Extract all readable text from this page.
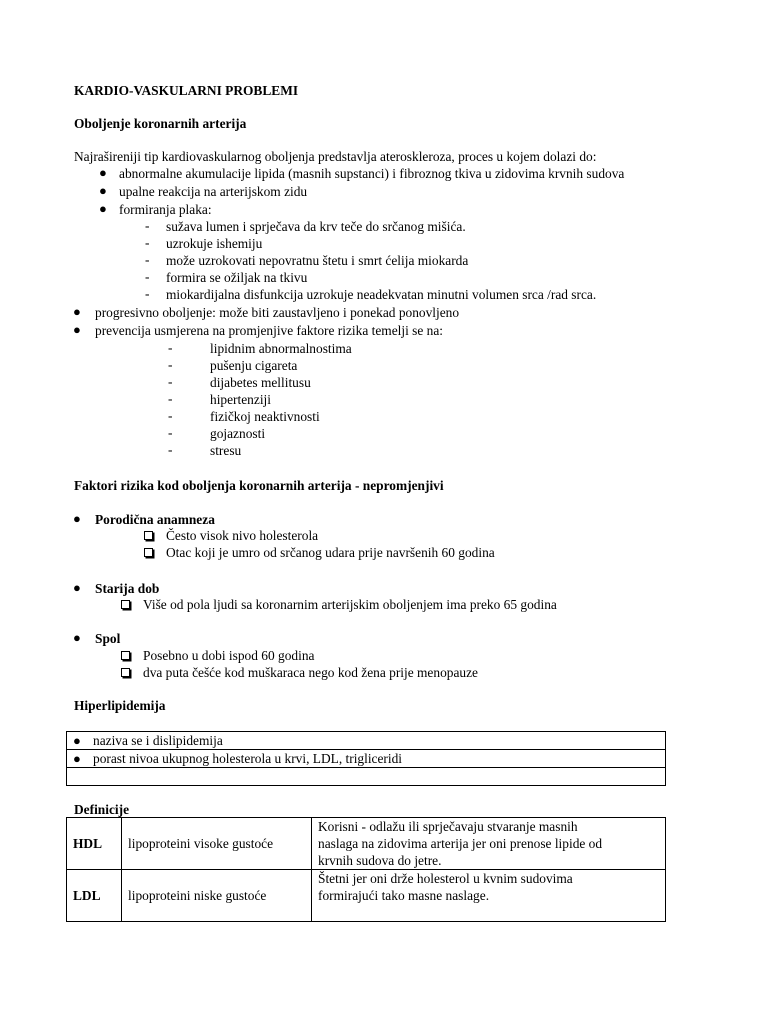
KARDIO-VASKULARNI PROBLEMI
Oboljenje koronarnih arterija
Najrašireniji tip kardiovaskularnog oboljenja predstavlja ateroskleroza, proces u kojem dolazi do:
● abnormalne akumulacije lipida (masnih supstanci) i fibroznog tkiva u zidovima krvnih sudova
● upalne reakcija na arterijskom zidu
● formiranja plaka:
- sužava lumen i sprječava da krv teče do srčanog mišića.
- uzrokuje ishemiju
- može uzrokovati nepovratnu štetu i smrt ćelija miokarda
- formira se ožiljak na tkivu
- miokardijalna disfunkcija uzrokuje neadekvatan minutni volumen srca /rad srca.
● progresivno oboljenje: može biti zaustavljeno i ponekad ponovljeno
● prevencija usmjerena na promjenjive faktore rizika temelji se na:
-	lipidnim abnormalnostima
-	pušenju cigareta
-	dijabetes mellitusu
-	hipertenziji
-	fizičkoj neaktivnosti
-	gojaznosti
-	stresu
Faktori rizika kod oboljenja koronarnih arterija - nepromjenjivi
● Porodična anamneza
Često visok nivo holesterola
Otac koji je umro od srčanog udara prije navršenih 60 godina
● Starija dob
Više od pola ljudi sa koronarnim arterijskim oboljenjem ima preko 65 godina
● Spol
Posebno u dobi ispod 60 godina
dva puta češće kod muškaraca nego kod žena prije menopauze
Hiperlipidemija
● naziva se i dislipidemija
● porast nivoa ukupnog holesterola u krvi, LDL, trigliceridi

Definicije
HDL	lipoproteini visoke gustoće	Korisni - odlažu ili sprječavaju stvaranje masnih
naslaga na zidovima arterija jer oni prenose lipide od
krvnih sudova do jetre.

LDL	lipoproteini niske gustoće	Štetni jer oni drže holesterol u kvnim sudovima
formirajući tako masne naslage.
